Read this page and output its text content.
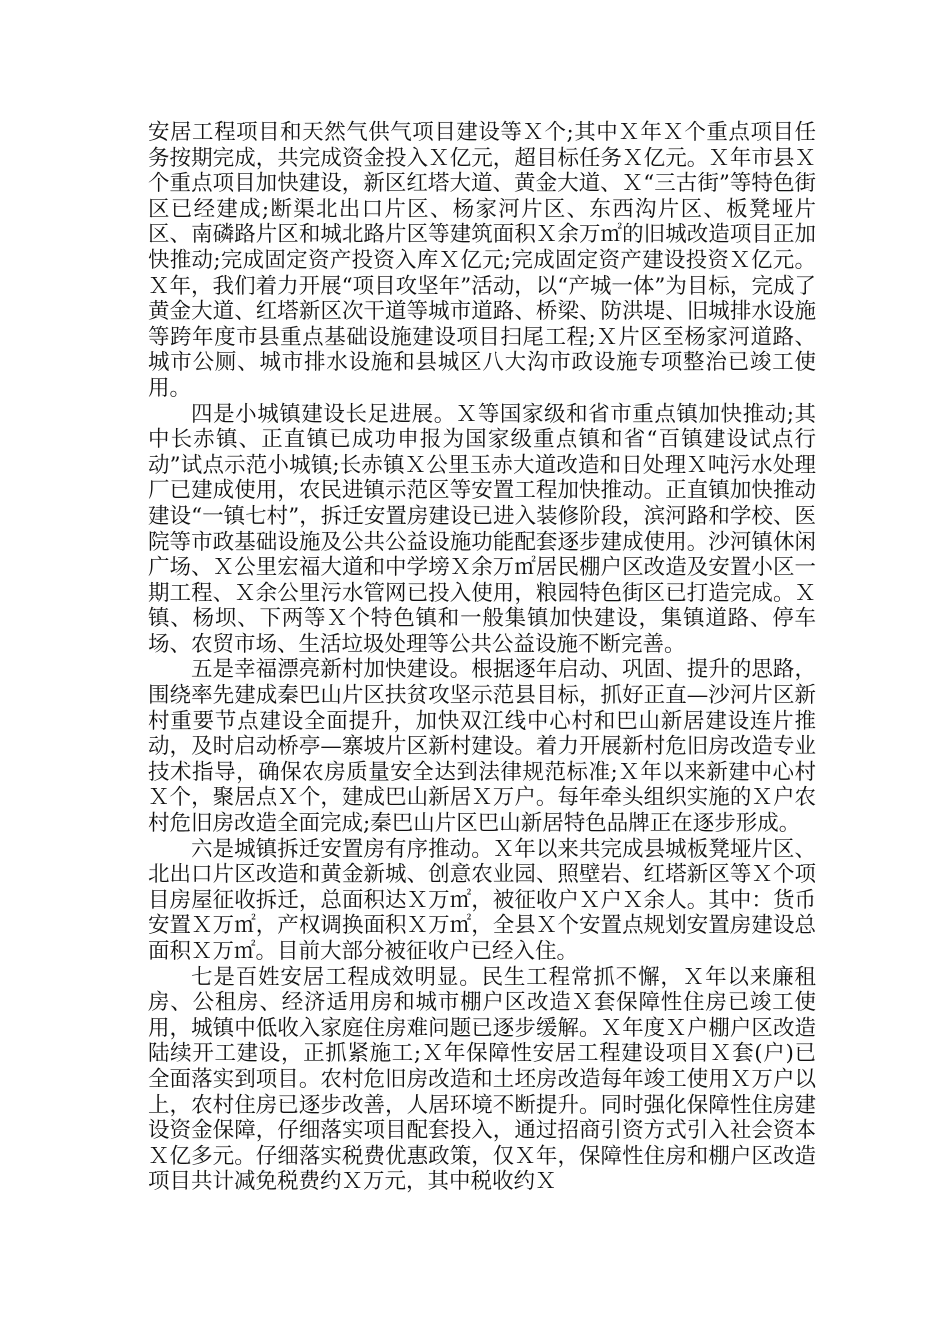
安居工程项目和天然气供气项目建设等Ｘ个;其中Ｘ年Ｘ个重点项目任务按期完成，共完成资金投入Ｘ亿元，超目标任务Ｘ亿元。Ｘ年市县Ｘ个重点项目加快建设，新区红塔大道、黄金大道、Ｘ“三古街”等特色街区已经建成;断渠北出口片区、杨家河片区、东西沟片区、板凳垭片区、南磷路片区和城北路片区等建筑面积Ｘ余万㎡的旧城改造项目正加快推动;完成固定资产投资入库Ｘ亿元;完成固定资产建设投资Ｘ亿元。Ｘ年，我们着力开展“项目攻坚年”活动，以“产城一体”为目标，完成了黄金大道、红塔新区次干道等城市道路、桥梁、防洪堤、旧城排水设施等跨年度市县重点基础设施建设项目扫尾工程;Ｘ片区至杨家河道路、城市公厕、城市排水设施和县城区八大沟市政设施专项整治已竣工使用。

四是小城镇建设长足进展。Ｘ等国家级和省市重点镇加快推动;其中长赤镇、正直镇已成功申报为国家级重点镇和省“百镇建设试点行动”试点示范小城镇;长赤镇Ｘ公里玉赤大道改造和日处理Ｘ吨污水处理厂已建成使用，农民进镇示范区等安置工程加快推动。正直镇加快推动建设“一镇七村”，拆迁安置房建设已进入装修阶段，滨河路和学校、医院等市政基础设施及公共公益设施功能配套逐步建成使用。沙河镇休闲广场、Ｘ公里宏福大道和中学塝Ｘ余万㎡居民棚户区改造及安置小区一期工程、Ｘ余公里污水管网已投入使用，粮园特色街区已打造完成。Ｘ镇、杨坝、下两等Ｘ个特色镇和一般集镇加快建设，集镇道路、停车场、农贸市场、生活垃圾处理等公共公益设施不断完善。

五是幸福漂亮新村加快建设。根据逐年启动、巩固、提升的思路，围绕率先建成秦巴山片区扶贫攻坚示范县目标，抓好正直—沙河片区新村重要节点建设全面提升，加快双江线中心村和巴山新居建设连片推动，及时启动桥亭—寨坡片区新村建设。着力开展新村危旧房改造专业技术指导，确保农房质量安全达到法律规范标准;Ｘ年以来新建中心村Ｘ个，聚居点Ｘ个，建成巴山新居Ｘ万户。每年牵头组织实施的Ｘ户农村危旧房改造全面完成;秦巴山片区巴山新居特色品牌正在逐步形成。

六是城镇拆迁安置房有序推动。Ｘ年以来共完成县城板凳垭片区、北出口片区改造和黄金新城、创意农业园、照壁岩、红塔新区等Ｘ个项目房屋征收拆迁，总面积达Ｘ万㎡，被征收户Ｘ户Ｘ余人。其中：货币安置Ｘ万㎡，产权调换面积Ｘ万㎡，全县Ｘ个安置点规划安置房建设总面积Ｘ万㎡。目前大部分被征收户已经入住。

七是百姓安居工程成效明显。民生工程常抓不懈，Ｘ年以来廉租房、公租房、经济适用房和城市棚户区改造Ｘ套保障性住房已竣工使用，城镇中低收入家庭住房难问题已逐步缓解。Ｘ年度Ｘ户棚户区改造陆续开工建设，正抓紧施工;Ｘ年保障性安居工程建设项目Ｘ套(户)已全面落实到项目。农村危旧房改造和土坯房改造每年竣工使用Ｘ万户以上，农村住房已逐步改善，人居环境不断提升。同时强化保障性住房建设资金保障，仔细落实项目配套投入，通过招商引资方式引入社会资本Ｘ亿多元。仔细落实税费优惠政策，仅Ｘ年，保障性住房和棚户区改造项目共计减免税费约Ｘ万元，其中税收约Ｘ
